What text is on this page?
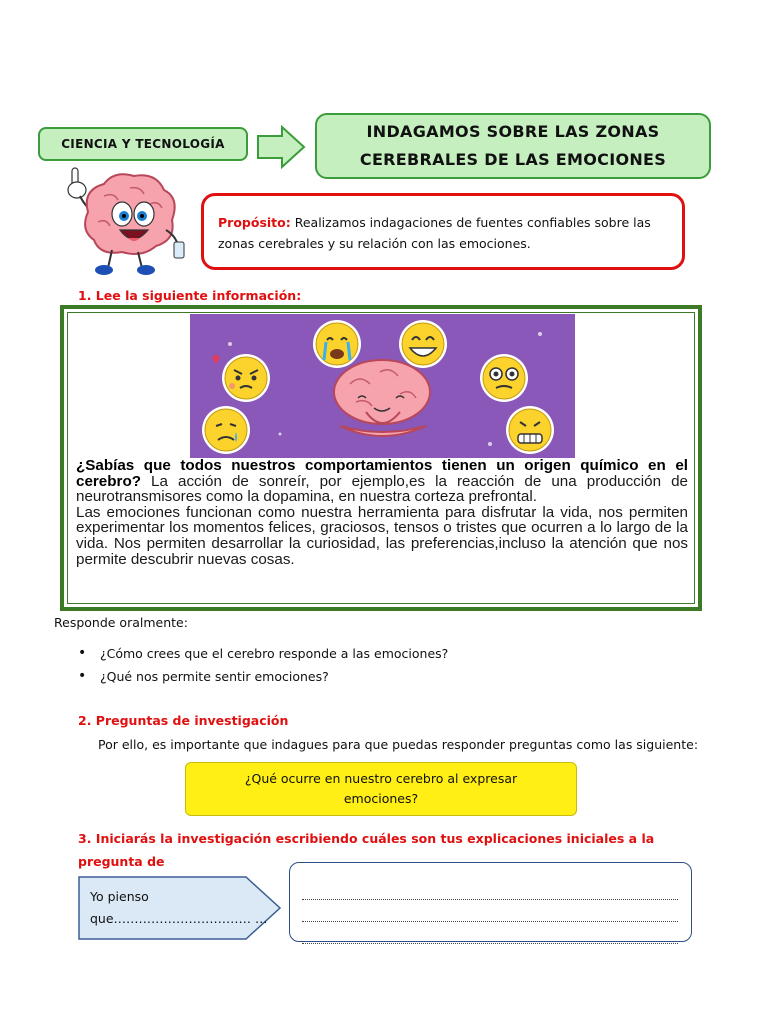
CIENCIA Y TECNOLOGÍA
INDAGAMOS SOBRE LAS ZONAS
CEREBRALES DE LAS EMOCIONES
Propósito: Realizamos indagaciones de fuentes confiables sobre las
zonas cerebrales y su relación con las emociones.
1. Lee la siguiente información:

¿Sabías que todos nuestros comportamientos tienen un origen químico en el cerebro? La acción de sonreír, por ejemplo,es la reacción de una producción de neurotransmisores como la dopamina, en nuestra corteza prefrontal.

Las emociones funcionan como nuestra herramienta para disfrutar la vida, nos permiten experimentar los momentos felices, graciosos, tensos o tristes que ocurren a lo largo de la vida. Nos permiten desarrollar la curiosidad, las preferencias,incluso la atención que nos permite descubrir nuevas cosas.

Responde oralmente:
• ¿Cómo crees que el cerebro responde a las emociones?
• ¿Qué nos permite sentir emociones?
2. Preguntas de investigación
Por ello, es importante que indagues para que puedas responder preguntas como las siguiente:
¿Qué ocurre en nuestro cerebro al expresar
emociones?
3. Iniciarás la investigación escribiendo cuáles son tus explicaciones iniciales a la pregunta de
Yo pienso
que…………………………… …
